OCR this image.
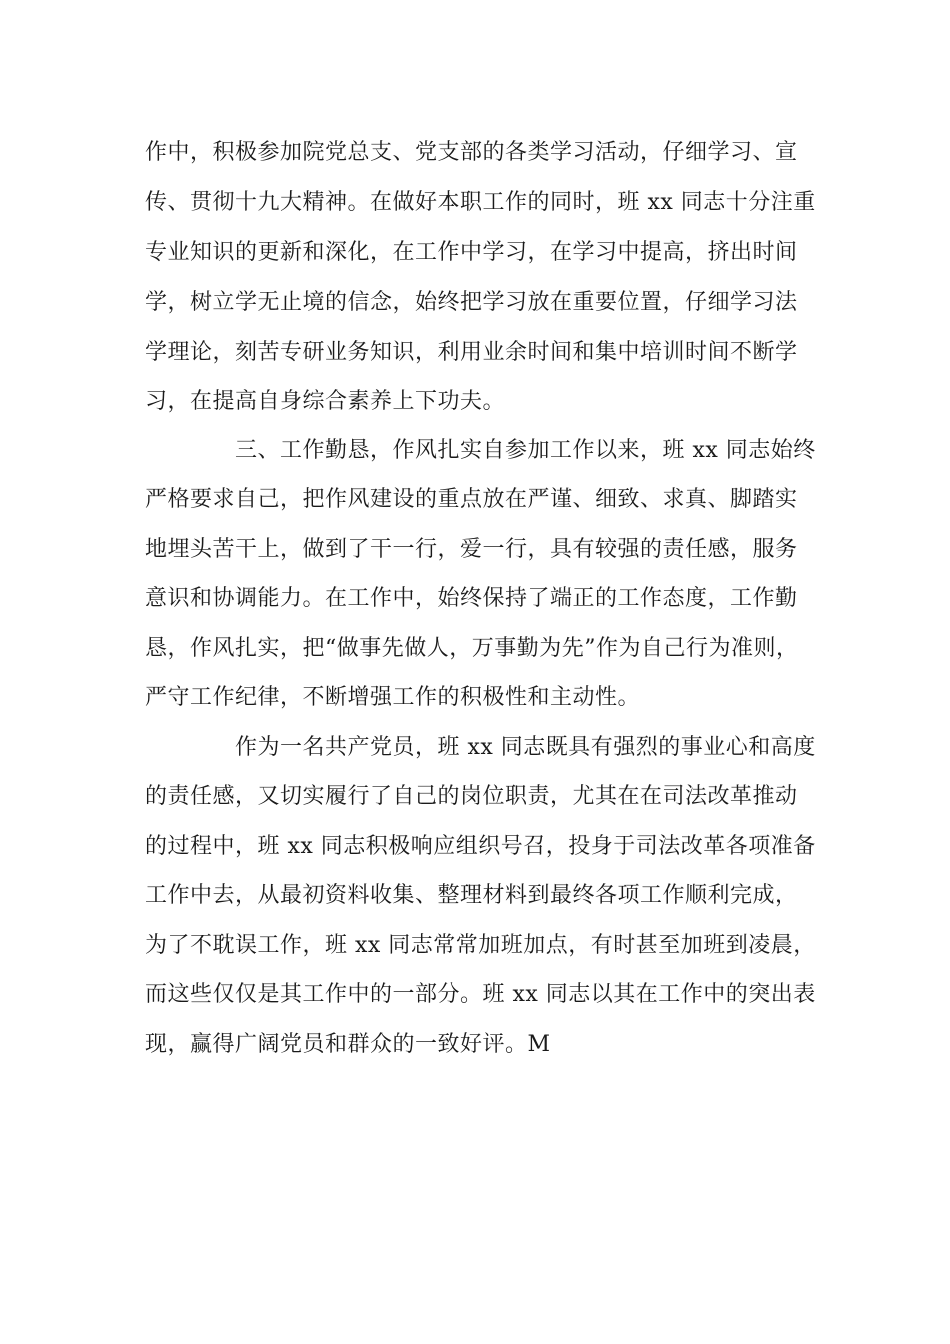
作中，积极参加院党总支、党支部的各类学习活动，仔细学习、宣
传、贯彻十九大精神。在做好本职工作的同时，班 xx 同志十分注重
专业知识的更新和深化，在工作中学习，在学习中提高，挤出时间
学，树立学无止境的信念，始终把学习放在重要位置，仔细学习法
学理论，刻苦专研业务知识，利用业余时间和集中培训时间不断学
习，在提高自身综合素养上下功夫。
三、工作勤恳，作风扎实自参加工作以来，班 xx 同志始终
严格要求自己，把作风建设的重点放在严谨、细致、求真、脚踏实
地埋头苦干上，做到了干一行，爱一行，具有较强的责任感，服务
意识和协调能力。在工作中，始终保持了端正的工作态度，工作勤
恳，作风扎实，把“做事先做人，万事勤为先”作为自己行为准则，
严守工作纪律，不断增强工作的积极性和主动性。
作为一名共产党员，班 xx 同志既具有强烈的事业心和高度
的责任感，又切实履行了自己的岗位职责，尤其在在司法改革推动
的过程中，班 xx 同志积极响应组织号召，投身于司法改革各项准备
工作中去，从最初资料收集、整理材料到最终各项工作顺利完成，
为了不耽误工作，班 xx 同志常常加班加点，有时甚至加班到凌晨，
而这些仅仅是其工作中的一部分。班 xx 同志以其在工作中的突出表
现，赢得广阔党员和群众的一致好评。M
